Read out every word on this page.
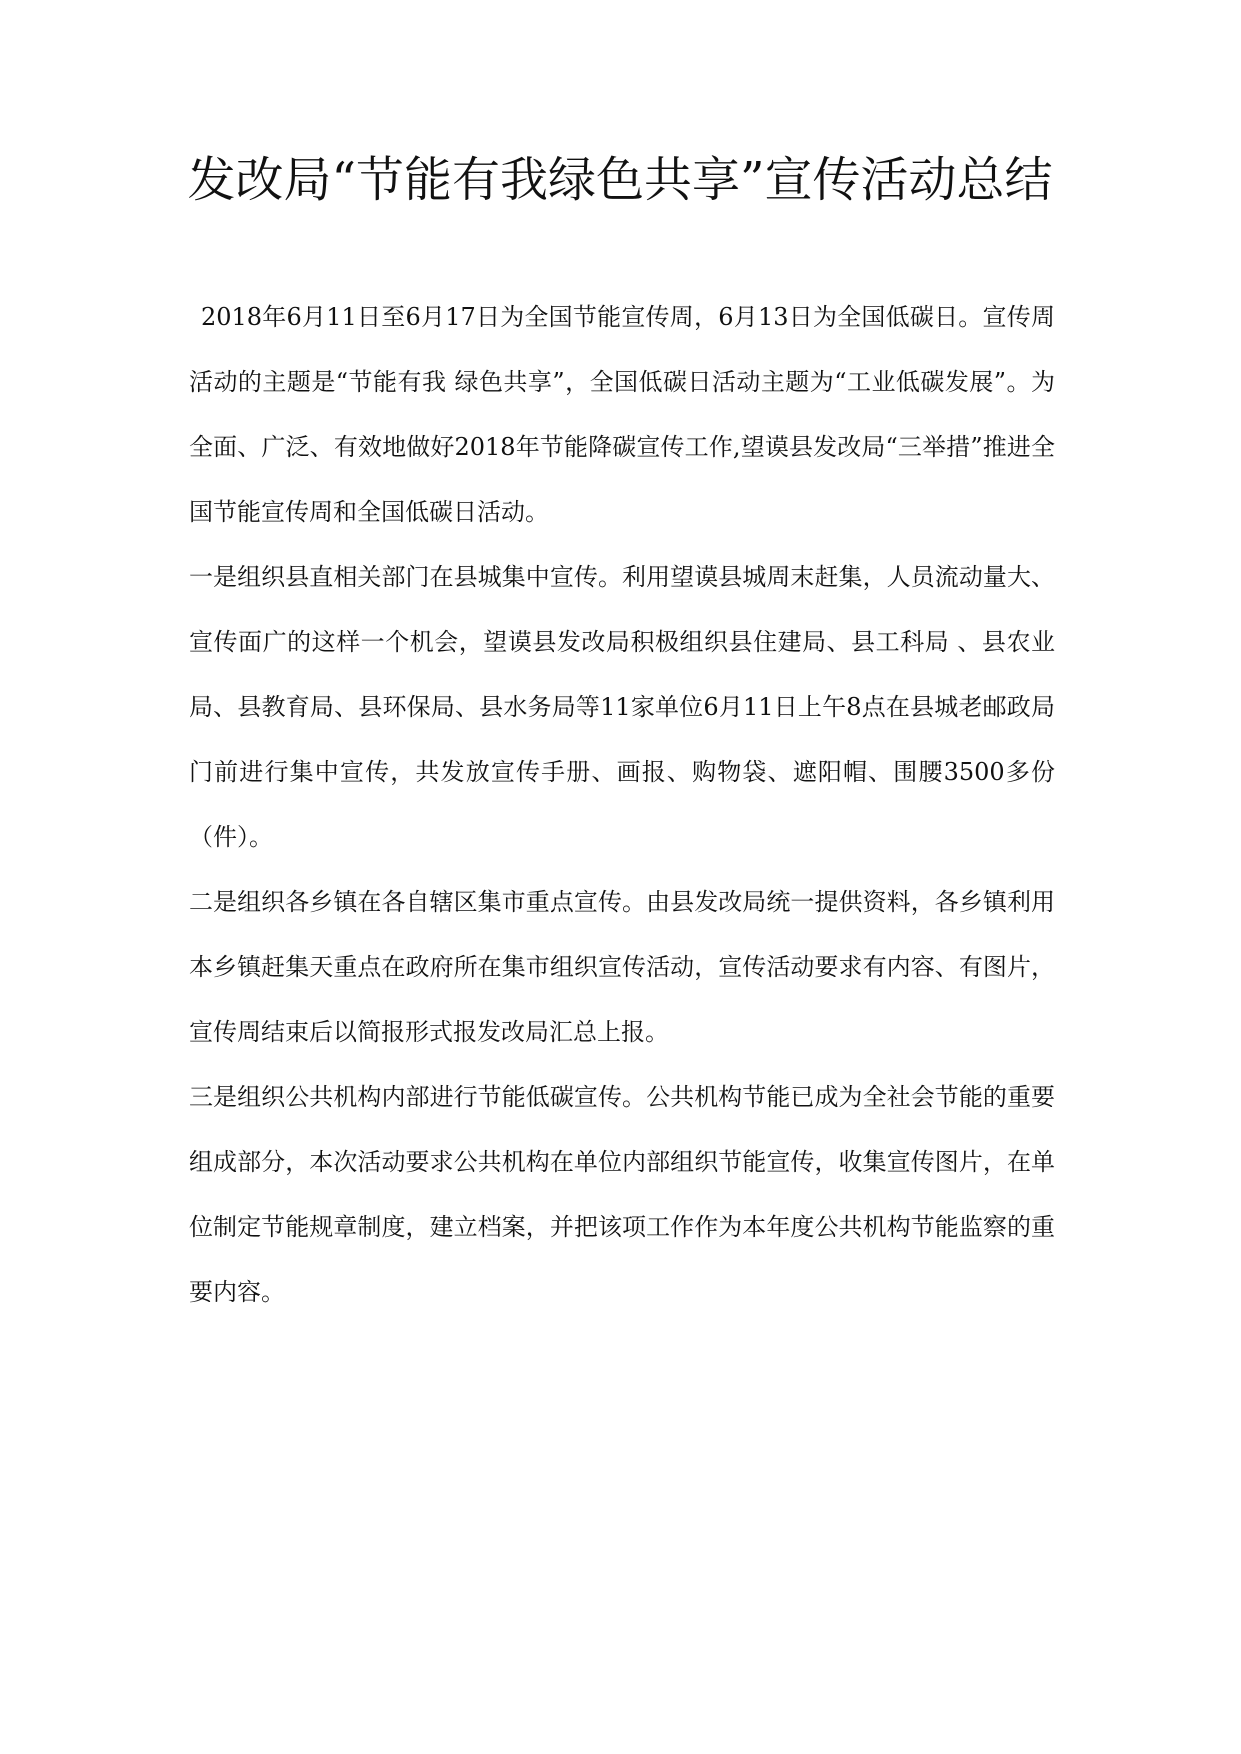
发改局“节能有我绿色共享”宣传活动总结

2018年6月11日至6月17日为全国节能宣传周，6月13日为全国低碳日。宣传周活动的主题是“节能有我 绿色共享”，全国低碳日活动主题为“工业低碳发展”。为全面、广泛、有效地做好2018年节能降碳宣传工作,望谟县发改局“三举措”推进全国节能宣传周和全国低碳日活动。

一是组织县直相关部门在县城集中宣传。利用望谟县城周末赶集，人员流动量大、宣传面广的这样一个机会，望谟县发改局积极组织县住建局、县工科局 、县农业局、县教育局、县环保局、县水务局等11家单位6月11日上午8点在县城老邮政局门前进行集中宣传，共发放宣传手册、画报、购物袋、遮阳帽、围腰3500多份（件）。

二是组织各乡镇在各自辖区集市重点宣传。由县发改局统一提供资料，各乡镇利用本乡镇赶集天重点在政府所在集市组织宣传活动，宣传活动要求有内容、有图片，宣传周结束后以简报形式报发改局汇总上报。

三是组织公共机构内部进行节能低碳宣传。公共机构节能已成为全社会节能的重要组成部分，本次活动要求公共机构在单位内部组织节能宣传，收集宣传图片，在单位制定节能规章制度，建立档案，并把该项工作作为本年度公共机构节能监察的重要内容。
